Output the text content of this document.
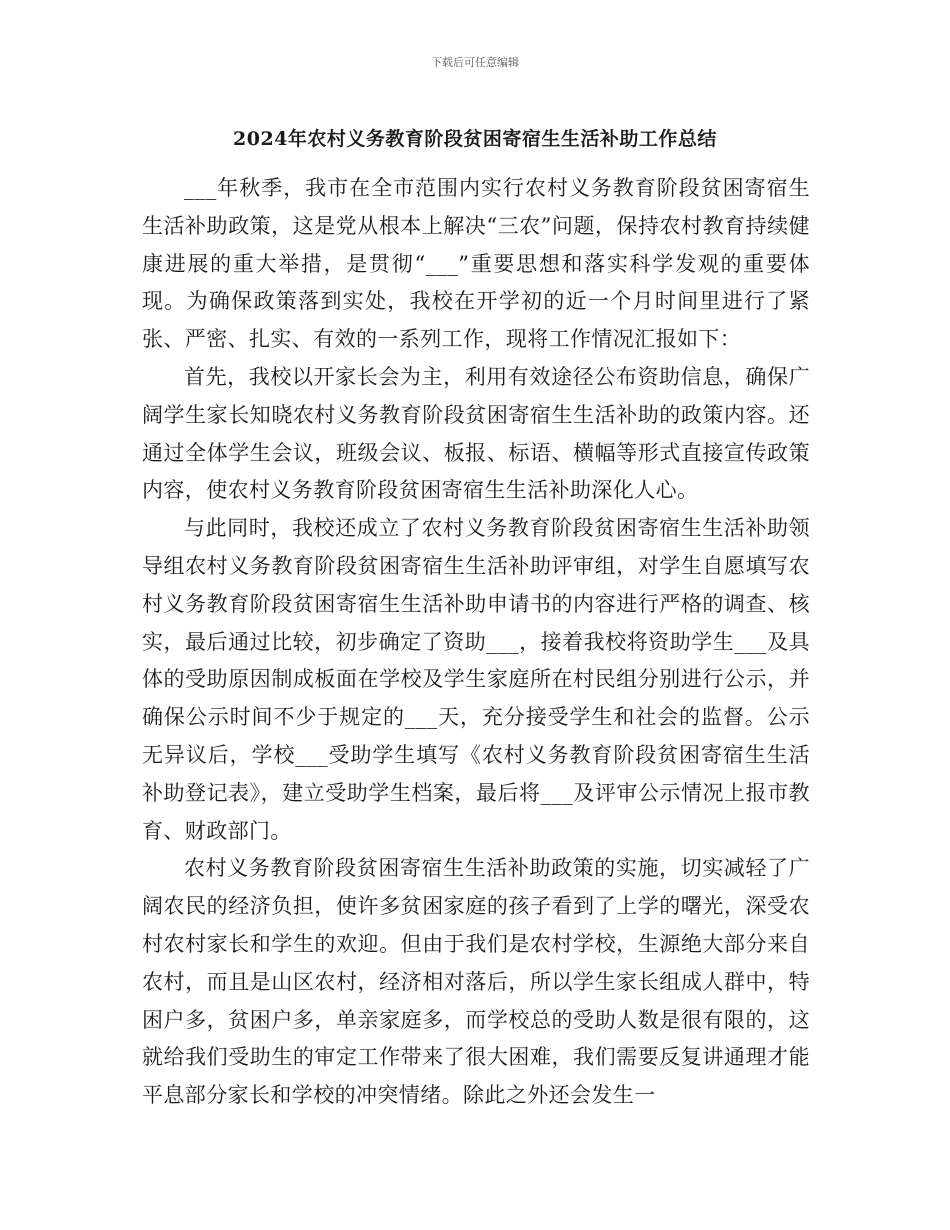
下载后可任意编辑
2024年农村义务教育阶段贫困寄宿生生活补助工作总结

___年秋季，我市在全市范围内实行农村义务教育阶段贫困寄宿生生活补助政策，这是党从根本上解决“三农”问题，保持农村教育持续健康进展的重大举措，是贯彻“___”重要思想和落实科学发观的重要体现。为确保政策落到实处，我校在开学初的近一个月时间里进行了紧张、严密、扎实、有效的一系列工作，现将工作情况汇报如下：

首先，我校以开家长会为主，利用有效途径公布资助信息，确保广阔学生家长知晓农村义务教育阶段贫困寄宿生生活补助的政策内容。还通过全体学生会议，班级会议、板报、标语、横幅等形式直接宣传政策内容，使农村义务教育阶段贫困寄宿生生活补助深化人心。

与此同时，我校还成立了农村义务教育阶段贫困寄宿生生活补助领导组农村义务教育阶段贫困寄宿生生活补助评审组，对学生自愿填写农村义务教育阶段贫困寄宿生生活补助申请书的内容进行严格的调查、核实，最后通过比较，初步确定了资助___，接着我校将资助学生___及具体的受助原因制成板面在学校及学生家庭所在村民组分别进行公示，并确保公示时间不少于规定的___天，充分接受学生和社会的监督。公示无异议后，学校___受助学生填写《农村义务教育阶段贫困寄宿生生活补助登记表》，建立受助学生档案，最后将___及评审公示情况上报市教育、财政部门。

农村义务教育阶段贫困寄宿生生活补助政策的实施，切实减轻了广阔农民的经济负担，使许多贫困家庭的孩子看到了上学的曙光，深受农村农村家长和学生的欢迎。但由于我们是农村学校，生源绝大部分来自农村，而且是山区农村，经济相对落后，所以学生家长组成人群中，特困户多，贫困户多，单亲家庭多，而学校总的受助人数是很有限的，这就给我们受助生的审定工作带来了很大困难，我们需要反复讲通理才能平息部分家长和学校的冲突情绪。除此之外还会发生一
